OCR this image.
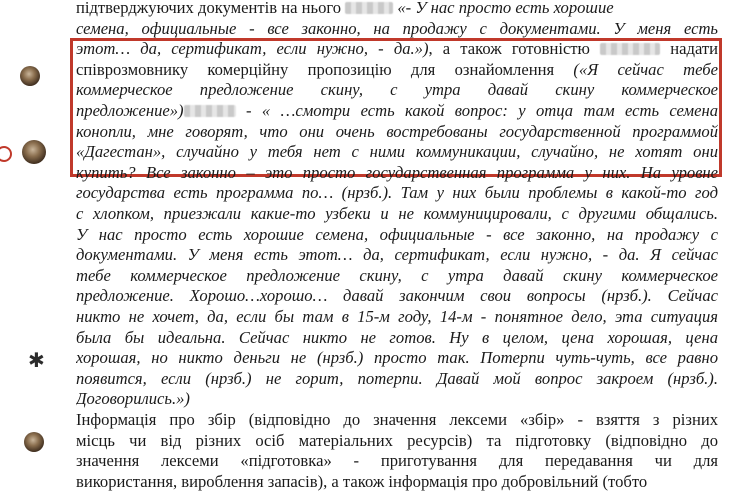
✱
підтверджуючих документів на нього	«- У нас просто есть хорошие
семена, официальные - все законно, на продажу с документами. У меня есть
этот… да, сертификат, если нужно, - да.»), а також готовністю	надати
співрозмовнику комерційну пропозицію для ознайомлення («Я сейчас тебе
коммерческое предложение скину, с утра давай скину коммерческое
предложение»)	- « …смотри есть какой вопрос: у отца там есть семена
конопли, мне говорят, что они очень востребованы государственной программой
«Дагестан», случайно у тебя нет с ними коммуникации, случайно, не хотят они
купить? Все законно – это просто государственная программа у них. На уровне
государства есть программа по… (нрзб.). Там у них были проблемы в какой-то год
с хлопком, приезжали какие-то узбеки и не коммуницировали, с другими общались.
У нас просто есть хорошие семена, официальные - все законно, на продажу с
документами. У меня есть этот… да, сертификат, если нужно, - да. Я сейчас
тебе коммерческое предложение скину, с утра давай скину коммерческое
предложение. Хорошо…хорошо… давай закончим свои вопросы (нрзб.). Сейчас
никто не хочет, да, если бы там в 15-м году, 14-м - понятное дело, эта ситуация
была бы идеальна. Сейчас никто не готов. Ну в целом, цена хорошая, цена
хорошая, но никто деньги не (нрзб.) просто так. Потерпи чуть-чуть, все равно
появится, если (нрзб.) не горит, потерпи. Давай мой вопрос закроем (нрзб.).
Договорились.»)
Інформація про збір (відповідно до значення лексеми «збір» - взяття з різних
місць чи від різних осіб матеріальних ресурсів) та підготовку (відповідно до
значення лексеми «підготовка» - приготування для передавання чи для
використання, вироблення запасів), а також інформація про добровільний (тобто
